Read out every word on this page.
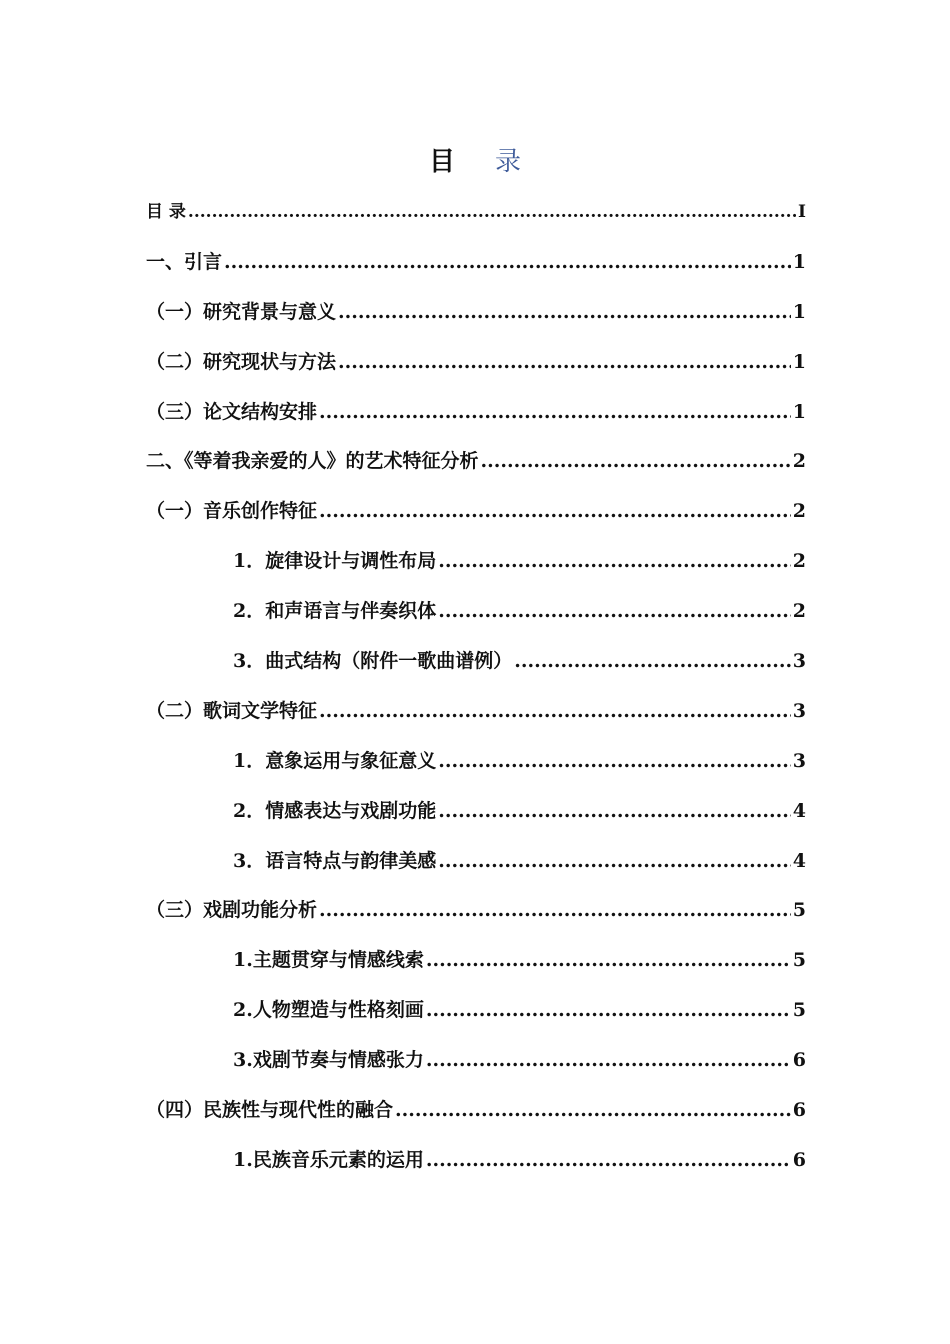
目 录
目 录 .....	I
一、引言 .....	1
（一）研究背景与意义 .....	1
（二）研究现状与方法 .....	1
（三）论文结构安排 .....	1
二、《等着我亲爱的人》的艺术特征分析 .....	2
（一）音乐创作特征 .....	2
1．旋律设计与调性布局 .....	2
2．和声语言与伴奏织体 .....	2
3．曲式结构（附件一歌曲谱例） .....	3
（二）歌词文学特征 .....	3
1．意象运用与象征意义 .....	3
2．情感表达与戏剧功能 .....	4
3．语言特点与韵律美感 .....	4
（三）戏剧功能分析 .....	5
1.主题贯穿与情感线索 .....	5
2.人物塑造与性格刻画 .....	5
3.戏剧节奏与情感张力 .....	6
（四）民族性与现代性的融合 .....	6
1.民族音乐元素的运用 .....	6
